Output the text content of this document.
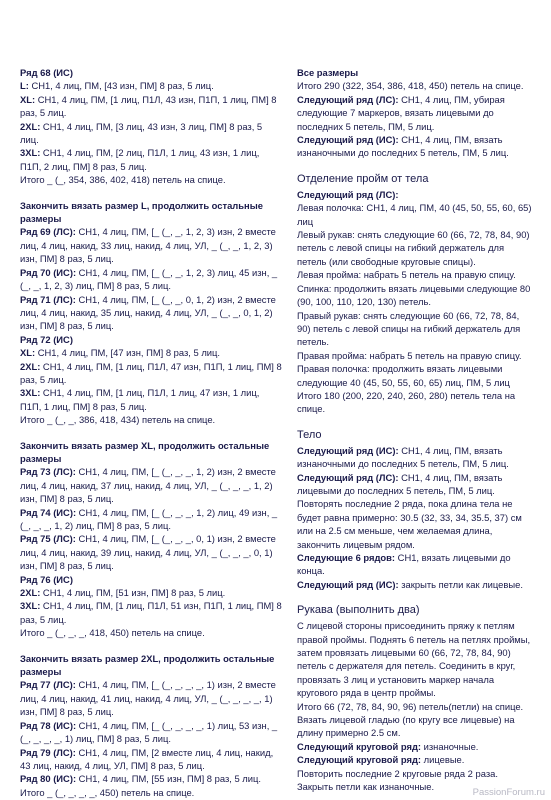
Ряд 68 (ИС)

L: СН1, 4 лиц, ПМ, [43 изн, ПМ] 8 раз, 5 лиц.

XL: СН1, 4 лиц, ПМ, [1 лиц, П1Л, 43 изн, П1П, 1 лиц, ПМ] 8 раз, 5 лиц.

2XL: СН1, 4 лиц, ПМ, [3 лиц, 43 изн, 3 лиц, ПМ] 8 раз, 5 лиц.

3XL: СН1, 4 лиц, ПМ, [2 лиц, П1Л, 1 лиц, 43 изн, 1 лиц, П1П, 2 лиц, ПМ] 8 раз, 5 лиц.

Итого _ (_, 354, 386, 402, 418) петель на спице.

Закончить вязать размер L, продолжить остальные размеры

Ряд 69 (ЛС): СН1, 4 лиц, ПМ, [_ (_, _, 1, 2, 3) изн, 2 вместе лиц, 4 лиц, накид, 33 лиц, накид, 4 лиц, УЛ, _ (_, _, 1, 2, 3) изн, ПМ] 8 раз, 5 лиц.

Ряд 70 (ИС): СН1, 4 лиц, ПМ, [_ (_, _, 1, 2, 3) лиц, 45 изн, _ (_, _, 1, 2, 3) лиц, ПМ] 8 раз, 5 лиц.

Ряд 71 (ЛС): СН1, 4 лиц, ПМ, [_ (_, _, 0, 1, 2) изн, 2 вместе лиц, 4 лиц, накид, 35 лиц, накид, 4 лиц, УЛ, _ (_, _, 0, 1, 2) изн, ПМ] 8 раз, 5 лиц.

Ряд 72 (ИС)

XL: СН1, 4 лиц, ПМ, [47 изн, ПМ] 8 раз, 5 лиц.

2XL: СН1, 4 лиц, ПМ, [1 лиц, П1Л, 47 изн, П1П, 1 лиц, ПМ] 8 раз, 5 лиц.

3XL: СН1, 4 лиц, ПМ, [1 лиц, П1Л, 1 лиц, 47 изн, 1 лиц, П1П, 1 лиц, ПМ] 8 раз, 5 лиц.

Итого _ (_, _, 386, 418, 434) петель на спице.

Закончить вязать размер XL, продолжить остальные размеры

Ряд 73 (ЛС): СН1, 4 лиц, ПМ, [_ (_, _, _, 1, 2) изн, 2 вместе лиц, 4 лиц, накид, 37 лиц, накид, 4 лиц, УЛ, _ (_, _, _, 1, 2) изн, ПМ] 8 раз, 5 лиц.

Ряд 74 (ИС): СН1, 4 лиц, ПМ, [_ (_, _, _, 1, 2) лиц, 49 изн, _ (_, _, _, 1, 2) лиц, ПМ] 8 раз, 5 лиц.

Ряд 75 (ЛС): СН1, 4 лиц, ПМ, [_ (_, _, _, 0, 1) изн, 2 вместе лиц, 4 лиц, накид, 39 лиц, накид, 4 лиц, УЛ, _ (_, _, _, 0, 1) изн, ПМ] 8 раз, 5 лиц.

Ряд 76 (ИС)

2XL: СН1, 4 лиц, ПМ, [51 изн, ПМ] 8 раз, 5 лиц.

3XL: СН1, 4 лиц, ПМ, [1 лиц, П1Л, 51 изн, П1П, 1 лиц, ПМ] 8 раз, 5 лиц.

Итого _ (_, _, _, 418, 450) петель на спице.

Закончить вязать размер 2XL, продолжить остальные размеры

Ряд 77 (ЛС): СН1, 4 лиц, ПМ, [_ (_, _, _, _, 1) изн, 2 вместе лиц, 4 лиц, накид, 41 лиц, накид, 4 лиц, УЛ, _ (_, _, _, _, 1) изн, ПМ] 8 раз, 5 лиц.

Ряд 78 (ИС): СН1, 4 лиц, ПМ, [_ (_, _, _, _, 1) лиц, 53 изн, _ (_, _, _, _, 1) лиц, ПМ] 8 раз, 5 лиц.

Ряд 79 (ЛС): СН1, 4 лиц, ПМ, [2 вместе лиц, 4 лиц, накид, 43 лиц, накид, 4 лиц, УЛ, ПМ] 8 раз, 5 лиц.

Ряд 80 (ИС): СН1, 4 лиц, ПМ, [55 изн, ПМ] 8 раз, 5 лиц.

Итого _ (_, _, _, _, 450) петель на спице.

Все размеры

Итого 290 (322, 354, 386, 418, 450) петель на спице.

Следующий ряд (ЛС): СН1, 4 лиц, ПМ, убирая следующие 7 маркеров, вязать лицевыми до последних 5 петель, ПМ, 5 лиц.

Следующий ряд (ИС): СН1, 4 лиц, ПМ, вязать изнаночными до последних 5 петель, ПМ, 5 лиц.

Отделение пройм от тела

Следующий ряд (ЛС):

Левая полочка: СН1, 4 лиц, ПМ, 40 (45, 50, 55, 60, 65) лиц

Левый рукав: снять следующие 60 (66, 72, 78, 84, 90) петель с левой спицы на гибкий держатель для петель (или свободные круговые спицы).

Левая пройма: набрать 5 петель на правую спицу.

Спинка: продолжить вязать лицевыми следующие 80 (90, 100, 110, 120, 130) петель.

Правый рукав: снять следующие 60 (66, 72, 78, 84, 90) петель с левой спицы на гибкий держатель для петель.

Правая пройма: набрать 5 петель на правую спицу.

Правая полочка: продолжить вязать лицевыми следующие 40 (45, 50, 55, 60, 65) лиц, ПМ, 5 лиц

Итого 180 (200, 220, 240, 260, 280) петель тела на спице.

Тело

Следующий ряд (ИС): СН1, 4 лиц, ПМ, вязать изнаночными до последних 5 петель, ПМ, 5 лиц.

Следующий ряд (ЛС): СН1, 4 лиц, ПМ, вязать лицевыми до последних 5 петель, ПМ, 5 лиц.

Повторять последние 2 ряда, пока длина тела не будет равна примерно: 30.5 (32, 33, 34, 35.5, 37) см или на 2.5 см меньше, чем желаемая длина, закончить лицевым рядом.

Следующие 6 рядов: СН1, вязать лицевыми до конца.

Следующий ряд (ИС): закрыть петли как лицевые.

Рукава (выполнить два)

С лицевой стороны присоединить пряжу к петлям правой проймы. Поднять 6 петель на петлях проймы, затем провязать лицевыми 60 (66, 72, 78, 84, 90) петель с держателя для петель. Соединить в круг, провязать 3 лиц и установить маркер начала кругового ряда в центр проймы.

Итого 66 (72, 78, 84, 90, 96) петель(петли) на спице.

Вязать лицевой гладью (по кругу все лицевые) на длину примерно 2.5 см.

Следующий круговой ряд: изнаночные.

Следующий круговой ряд: лицевые.

Повторить последние 2 круговые ряда 2 раза.

Закрыть петли как изнаночные.

PassionForum.ru
